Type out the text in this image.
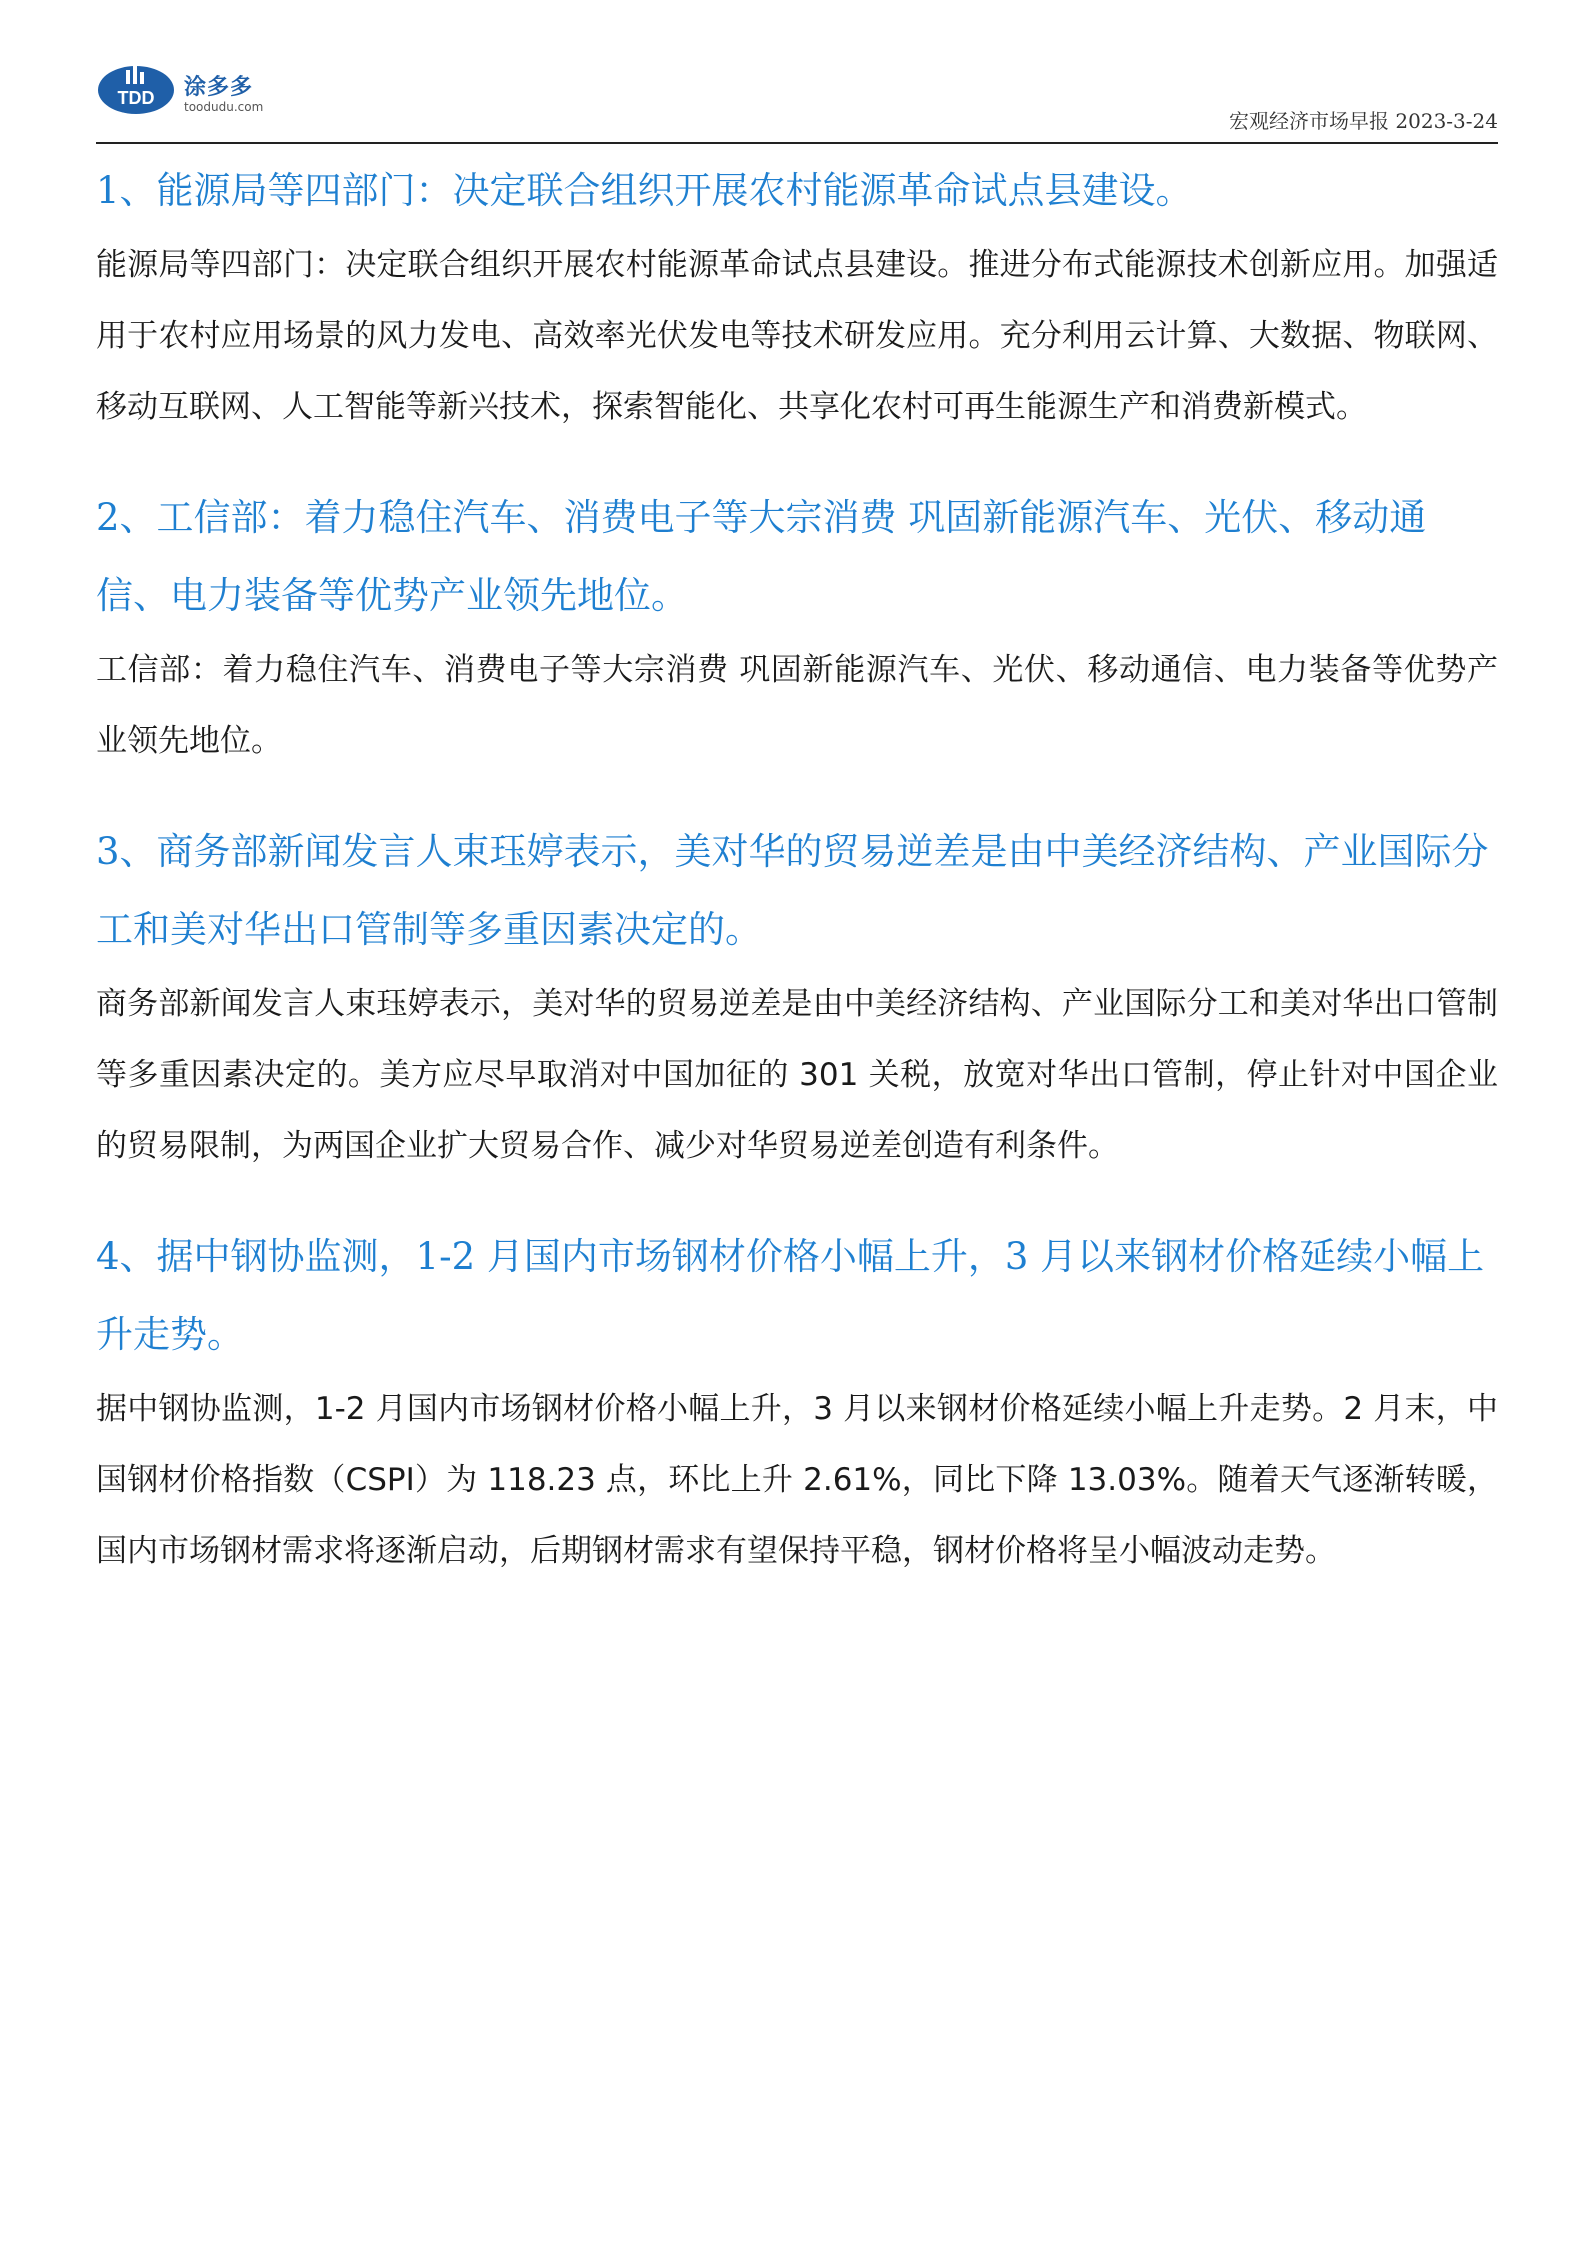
TDD 涂多多
toodudu.com
宏观经济市场早报 2023-3-24
1、能源局等四部门：决定联合组织开展农村能源革命试点县建设。

能源局等四部门：决定联合组织开展农村能源革命试点县建设。推进分布式能源技术创新应用。加强适用于农村应用场景的风力发电、高效率光伏发电等技术研发应用。充分利用云计算、大数据、物联网、移动互联网、人工智能等新兴技术，探索智能化、共享化农村可再生能源生产和消费新模式。

2、工信部：着力稳住汽车、消费电子等大宗消费 巩固新能源汽车、光伏、移动通信、电力装备等优势产业领先地位。

工信部：着力稳住汽车、消费电子等大宗消费 巩固新能源汽车、光伏、移动通信、电力装备等优势产业领先地位。

3、商务部新闻发言人束珏婷表示，美对华的贸易逆差是由中美经济结构、产业国际分工和美对华出口管制等多重因素决定的。

商务部新闻发言人束珏婷表示，美对华的贸易逆差是由中美经济结构、产业国际分工和美对华出口管制等多重因素决定的。美方应尽早取消对中国加征的 301 关税，放宽对华出口管制，停止针对中国企业的贸易限制，为两国企业扩大贸易合作、减少对华贸易逆差创造有利条件。

4、据中钢协监测，1-2 月国内市场钢材价格小幅上升，3 月以来钢材价格延续小幅上升走势。

据中钢协监测，1-2 月国内市场钢材价格小幅上升，3 月以来钢材价格延续小幅上升走势。2 月末，中国钢材价格指数（CSPI）为 118.23 点，环比上升 2.61%，同比下降 13.03%。随着天气逐渐转暖，国内市场钢材需求将逐渐启动，后期钢材需求有望保持平稳，钢材价格将呈小幅波动走势。
